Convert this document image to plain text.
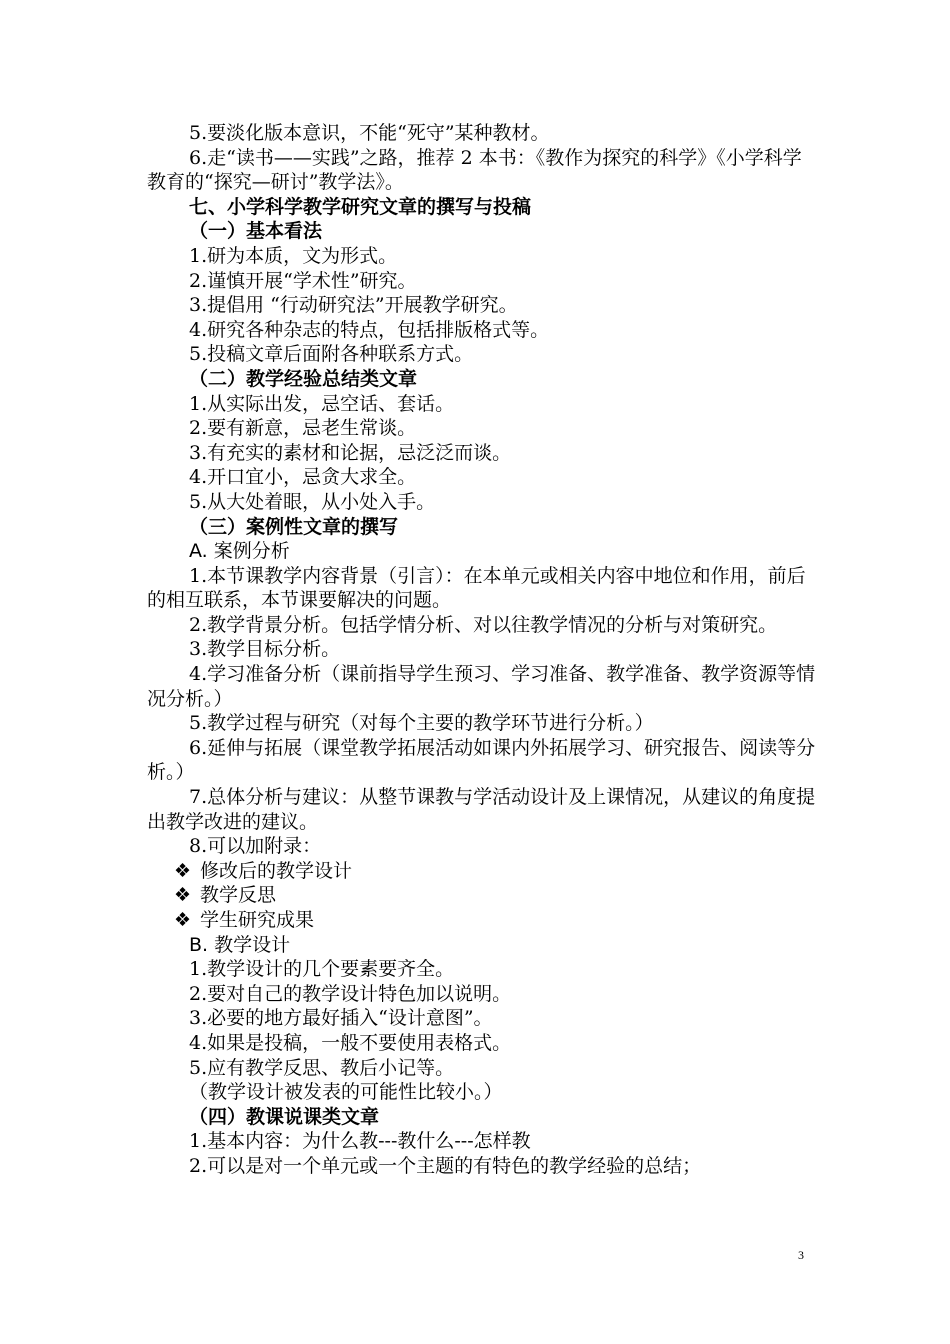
5.要淡化版本意识，不能“死守”某种教材。

6.走“读书——实践”之路，推荐 2 本书：《教作为探究的科学》《小学科学教育的“探究—研讨”教学法》。

七、小学科学教学研究文章的撰写与投稿

（一）基本看法

1.研为本质，文为形式。

2.谨慎开展“学术性”研究。

3.提倡用 “行动研究法”开展教学研究。

4.研究各种杂志的特点，包括排版格式等。

5.投稿文章后面附各种联系方式。

（二）教学经验总结类文章

1.从实际出发，忌空话、套话。

2.要有新意，忌老生常谈。

3.有充实的素材和论据，忌泛泛而谈。

4.开口宜小，忌贪大求全。

5.从大处着眼，从小处入手。

（三）案例性文章的撰写

A. 案例分析

1.本节课教学内容背景（引言）：在本单元或相关内容中地位和作用，前后的相互联系，本节课要解决的问题。

2.教学背景分析。包括学情分析、对以往教学情况的分析与对策研究。

3.教学目标分析。

4.学习准备分析（课前指导学生预习、学习准备、教学准备、教学资源等情况分析。）

5.教学过程与研究（对每个主要的教学环节进行分析。）

6.延伸与拓展（课堂教学拓展活动如课内外拓展学习、研究报告、阅读等分析。）

7.总体分析与建议：从整节课教与学活动设计及上课情况，从建议的角度提出教学改进的建议。

8.可以加附录：

❖ 修改后的教学设计

❖ 教学反思

❖ 学生研究成果

B. 教学设计

1.教学设计的几个要素要齐全。

2.要对自己的教学设计特色加以说明。

3.必要的地方最好插入“设计意图”。

4.如果是投稿，一般不要使用表格式。

5.应有教学反思、教后小记等。

（教学设计被发表的可能性比较小。）

（四）教课说课类文章

1.基本内容：为什么教---教什么---怎样教

2.可以是对一个单元或一个主题的有特色的教学经验的总结；

3
